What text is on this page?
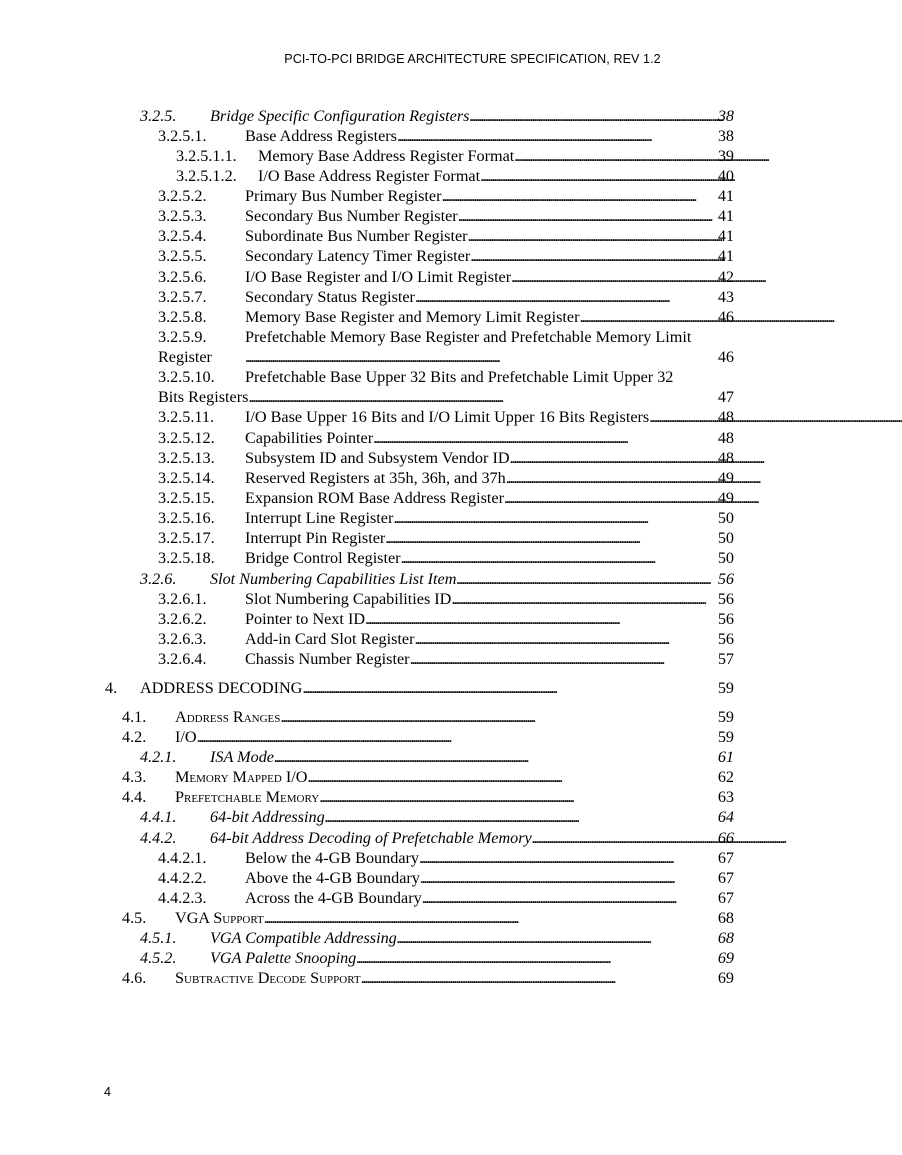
PCI-TO-PCI BRIDGE ARCHITECTURE SPECIFICATION, REV 1.2
3.2.5.	Bridge Specific Configuration Registers . . .	38
3.2.5.1.	Base Address Registers . . .	38
3.2.5.1.1.	Memory Base Address Register Format . . .	39
3.2.5.1.2.	I/O Base Address Register Format . . .	40
3.2.5.2.	Primary Bus Number Register . . .	41
3.2.5.3.	Secondary Bus Number Register . . .	41
3.2.5.4.	Subordinate Bus Number Register . . .	41
3.2.5.5.	Secondary Latency Timer Register . . .	41
3.2.5.6.	I/O Base Register and I/O Limit Register . . .	42
3.2.5.7.	Secondary Status Register . . .	43
3.2.5.8.	Memory Base Register and Memory Limit Register . . .	46
3.2.5.9. Prefetchable Memory Base Register and Prefetchable Memory Limit
Register . . .	46
3.2.5.10. Prefetchable Base Upper 32 Bits and Prefetchable Limit Upper 32
Bits Registers . . .	47
3.2.5.11.	I/O Base Upper 16 Bits and I/O Limit Upper 16 Bits Registers . . .	48
3.2.5.12.	Capabilities Pointer . . .	48
3.2.5.13.	Subsystem ID and Subsystem Vendor ID . . .	48
3.2.5.14.	Reserved Registers at 35h, 36h, and 37h . . .	49
3.2.5.15.	Expansion ROM Base Address Register . . .	49
3.2.5.16.	Interrupt Line Register . . .	50
3.2.5.17.	Interrupt Pin Register . . .	50
3.2.5.18.	Bridge Control Register . . .	50
3.2.6.	Slot Numbering Capabilities List Item . . .	56
3.2.6.1.	Slot Numbering Capabilities ID . . .	56
3.2.6.2.	Pointer to Next ID . . .	56
3.2.6.3.	Add-in Card Slot Register . . .	56
3.2.6.4.	Chassis Number Register . . .	57
4.	ADDRESS DECODING . . .	59
4.1.	Address Ranges . . .	59
4.2.	I/O . . .	59
4.2.1.	ISA Mode . . .	61
4.3.	Memory Mapped I/O . . .	62
4.4.	Prefetchable Memory . . .	63
4.4.1.	64-bit Addressing . . .	64
4.4.2.	64-bit Address Decoding of Prefetchable Memory . . .	66
4.4.2.1.	Below the 4-GB Boundary . . .	67
4.4.2.2.	Above the 4-GB Boundary . . .	67
4.4.2.3.	Across the 4-GB Boundary . . .	67
4.5.	VGA Support . . .	68
4.5.1.	VGA Compatible Addressing . . .	68
4.5.2.	VGA Palette Snooping . . .	69
4.6.	Subtractive Decode Support . . .	69
4
